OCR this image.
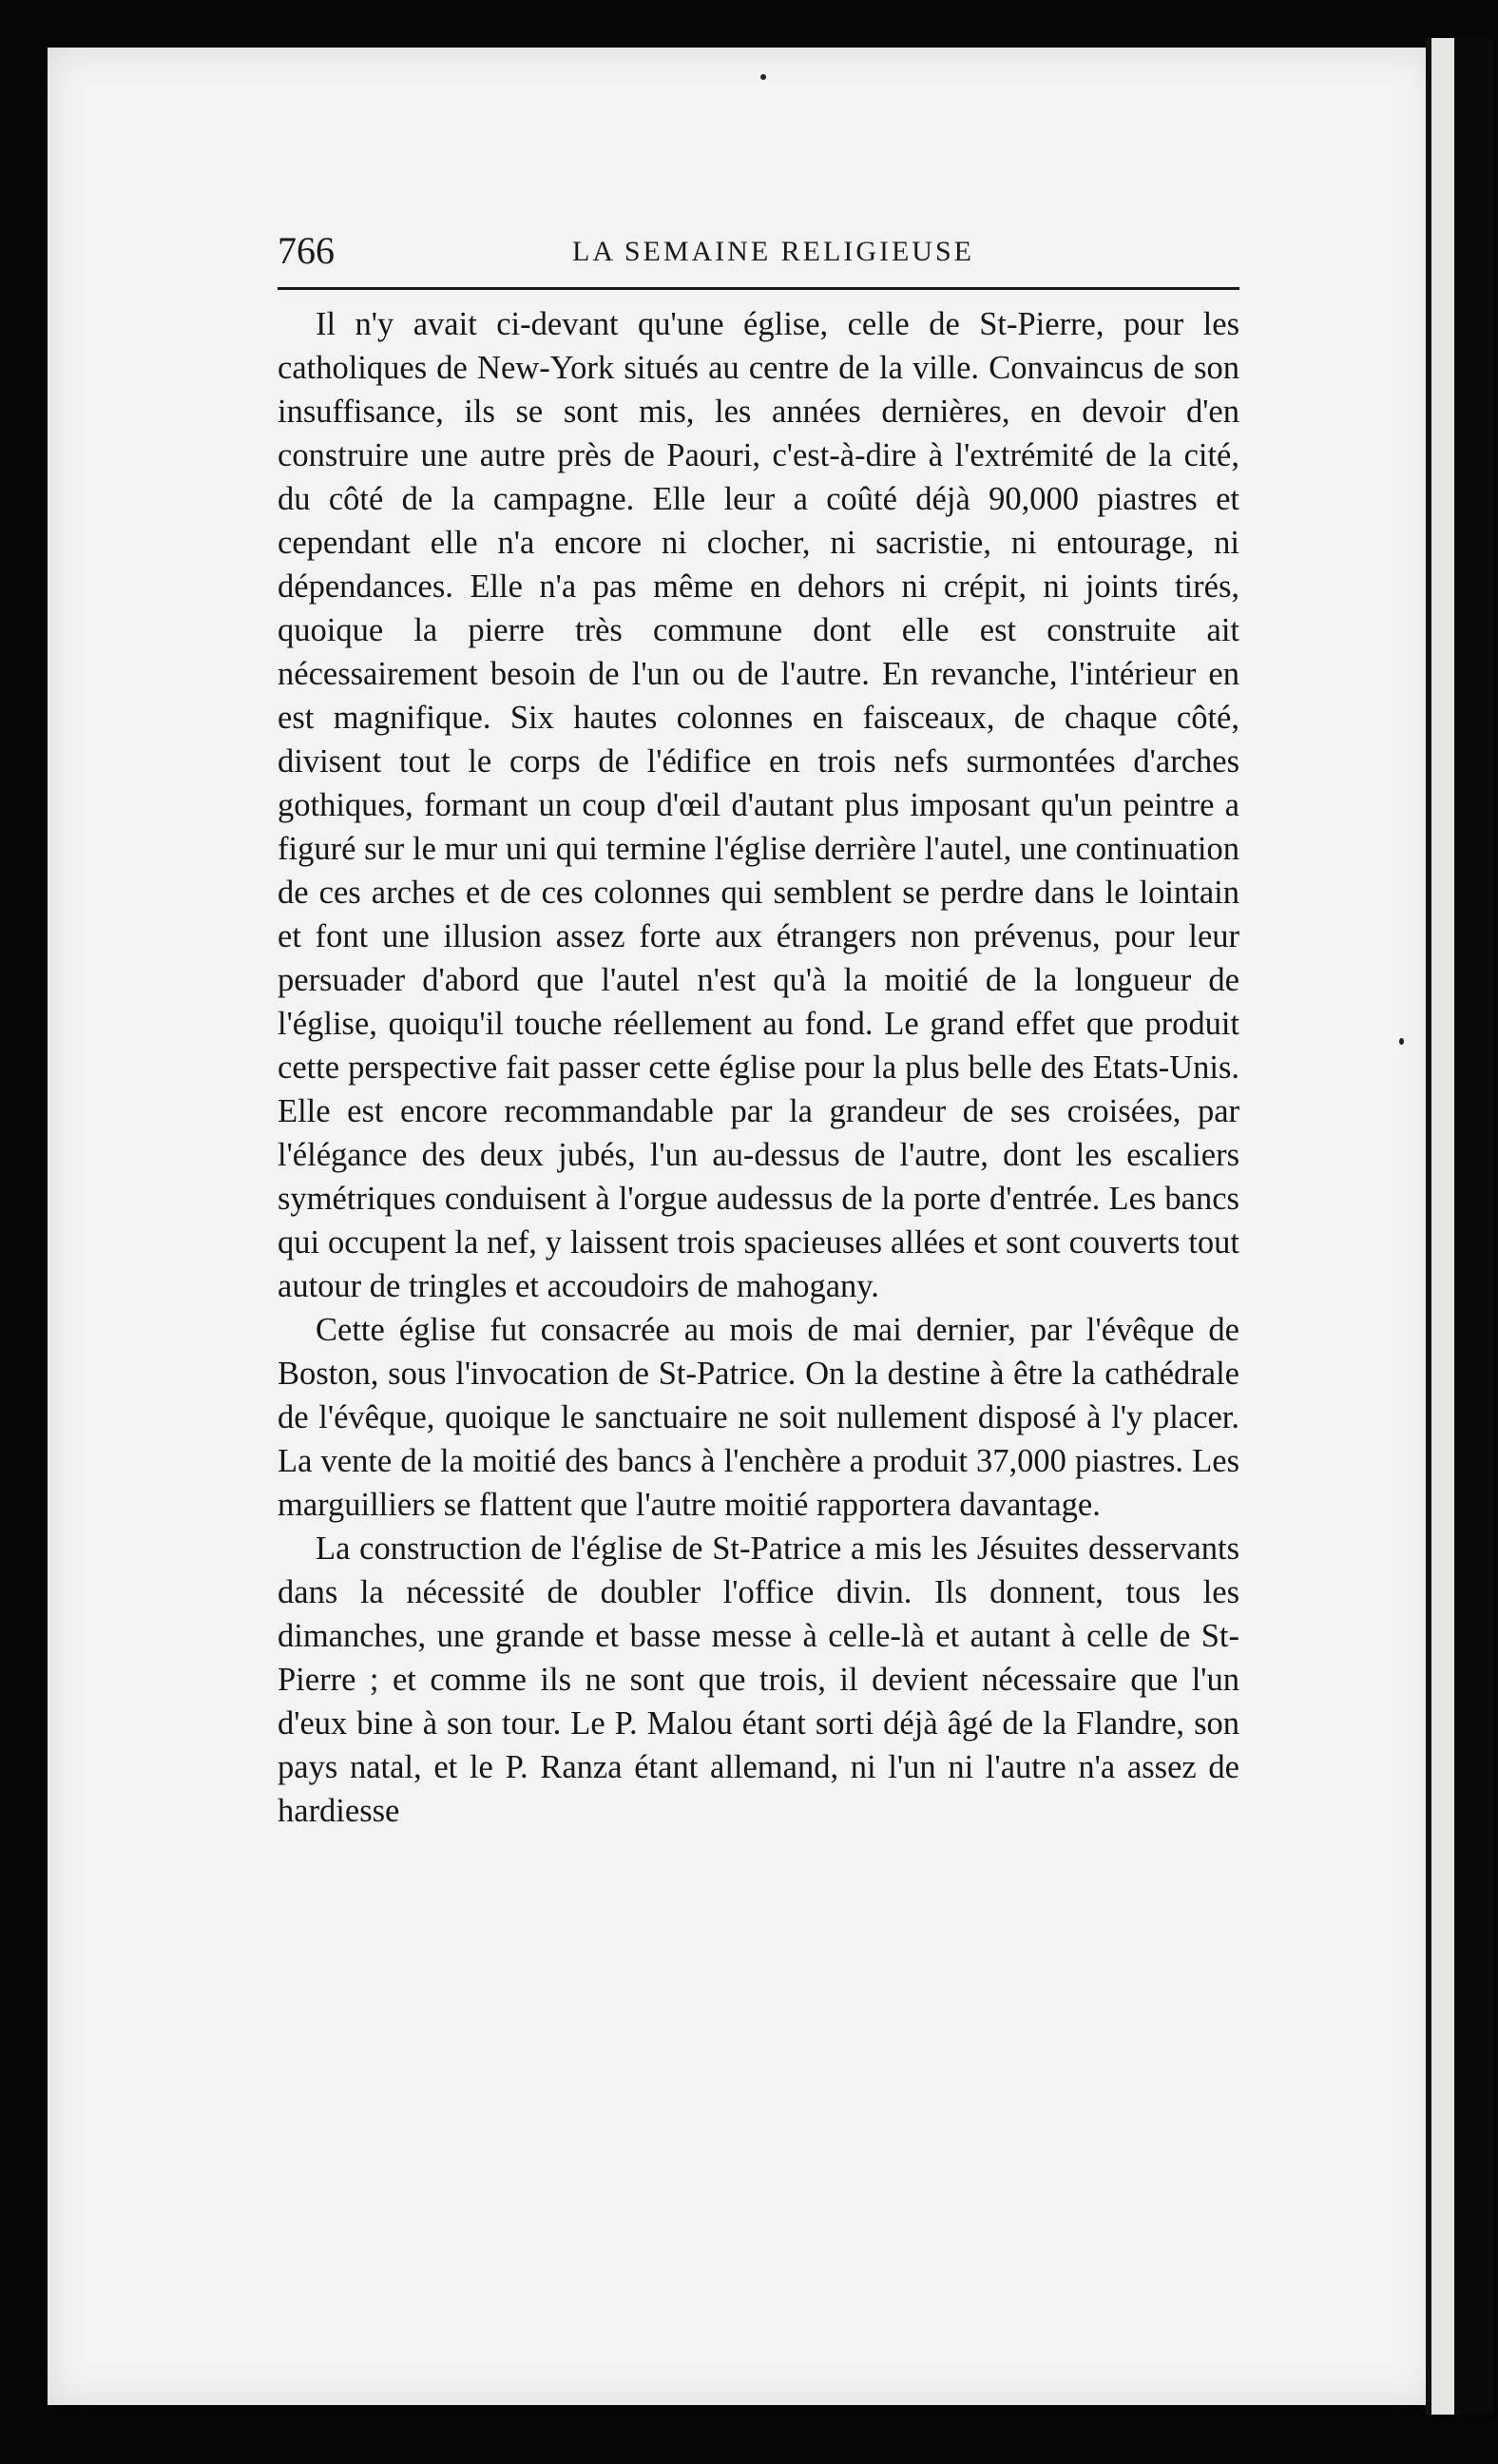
766	LA SEMAINE RELIGIEUSE

Il n'y avait ci-devant qu'une église, celle de St-Pierre, pour les catholiques de New-York situés au centre de la ville. Convaincus de son insuffisance, ils se sont mis, les années dernières, en devoir d'en construire une autre près de Paouri, c'est-à-dire à l'extrémité de la cité, du côté de la campagne. Elle leur a coûté déjà 90,000 piastres et cependant elle n'a encore ni clocher, ni sacristie, ni entourage, ni dépendances. Elle n'a pas même en dehors ni crépit, ni joints tirés, quoique la pierre très commune dont elle est construite ait nécessairement besoin de l'un ou de l'autre. En revanche, l'intérieur en est magnifique. Six hautes colonnes en faisceaux, de chaque côté, divisent tout le corps de l'édifice en trois nefs surmontées d'arches gothiques, formant un coup d'œil d'autant plus imposant qu'un peintre a figuré sur le mur uni qui termine l'église derrière l'autel, une continuation de ces arches et de ces colonnes qui semblent se perdre dans le lointain et font une illusion assez forte aux étrangers non prévenus, pour leur persuader d'abord que l'autel n'est qu'à la moitié de la longueur de l'église, quoiqu'il touche réellement au fond. Le grand effet que produit cette perspective fait passer cette église pour la plus belle des Etats-Unis. Elle est encore recommandable par la grandeur de ses croisées, par l'élégance des deux jubés, l'un au-dessus de l'autre, dont les escaliers symétriques conduisent à l'orgue audessus de la porte d'entrée. Les bancs qui occupent la nef, y laissent trois spacieuses allées et sont couverts tout autour de tringles et accoudoirs de mahogany.

Cette église fut consacrée au mois de mai dernier, par l'évêque de Boston, sous l'invocation de St-Patrice. On la destine à être la cathédrale de l'évêque, quoique le sanctuaire ne soit nullement disposé à l'y placer. La vente de la moitié des bancs à l'enchère a produit 37,000 piastres. Les marguilliers se flattent que l'autre moitié rapportera davantage.

La construction de l'église de St-Patrice a mis les Jésuites desservants dans la nécessité de doubler l'office divin. Ils donnent, tous les dimanches, une grande et basse messe à celle-là et autant à celle de St-Pierre ; et comme ils ne sont que trois, il devient nécessaire que l'un d'eux bine à son tour. Le P. Malou étant sorti déjà âgé de la Flandre, son pays natal, et le P. Ranza étant allemand, ni l'un ni l'autre n'a assez de hardiesse
